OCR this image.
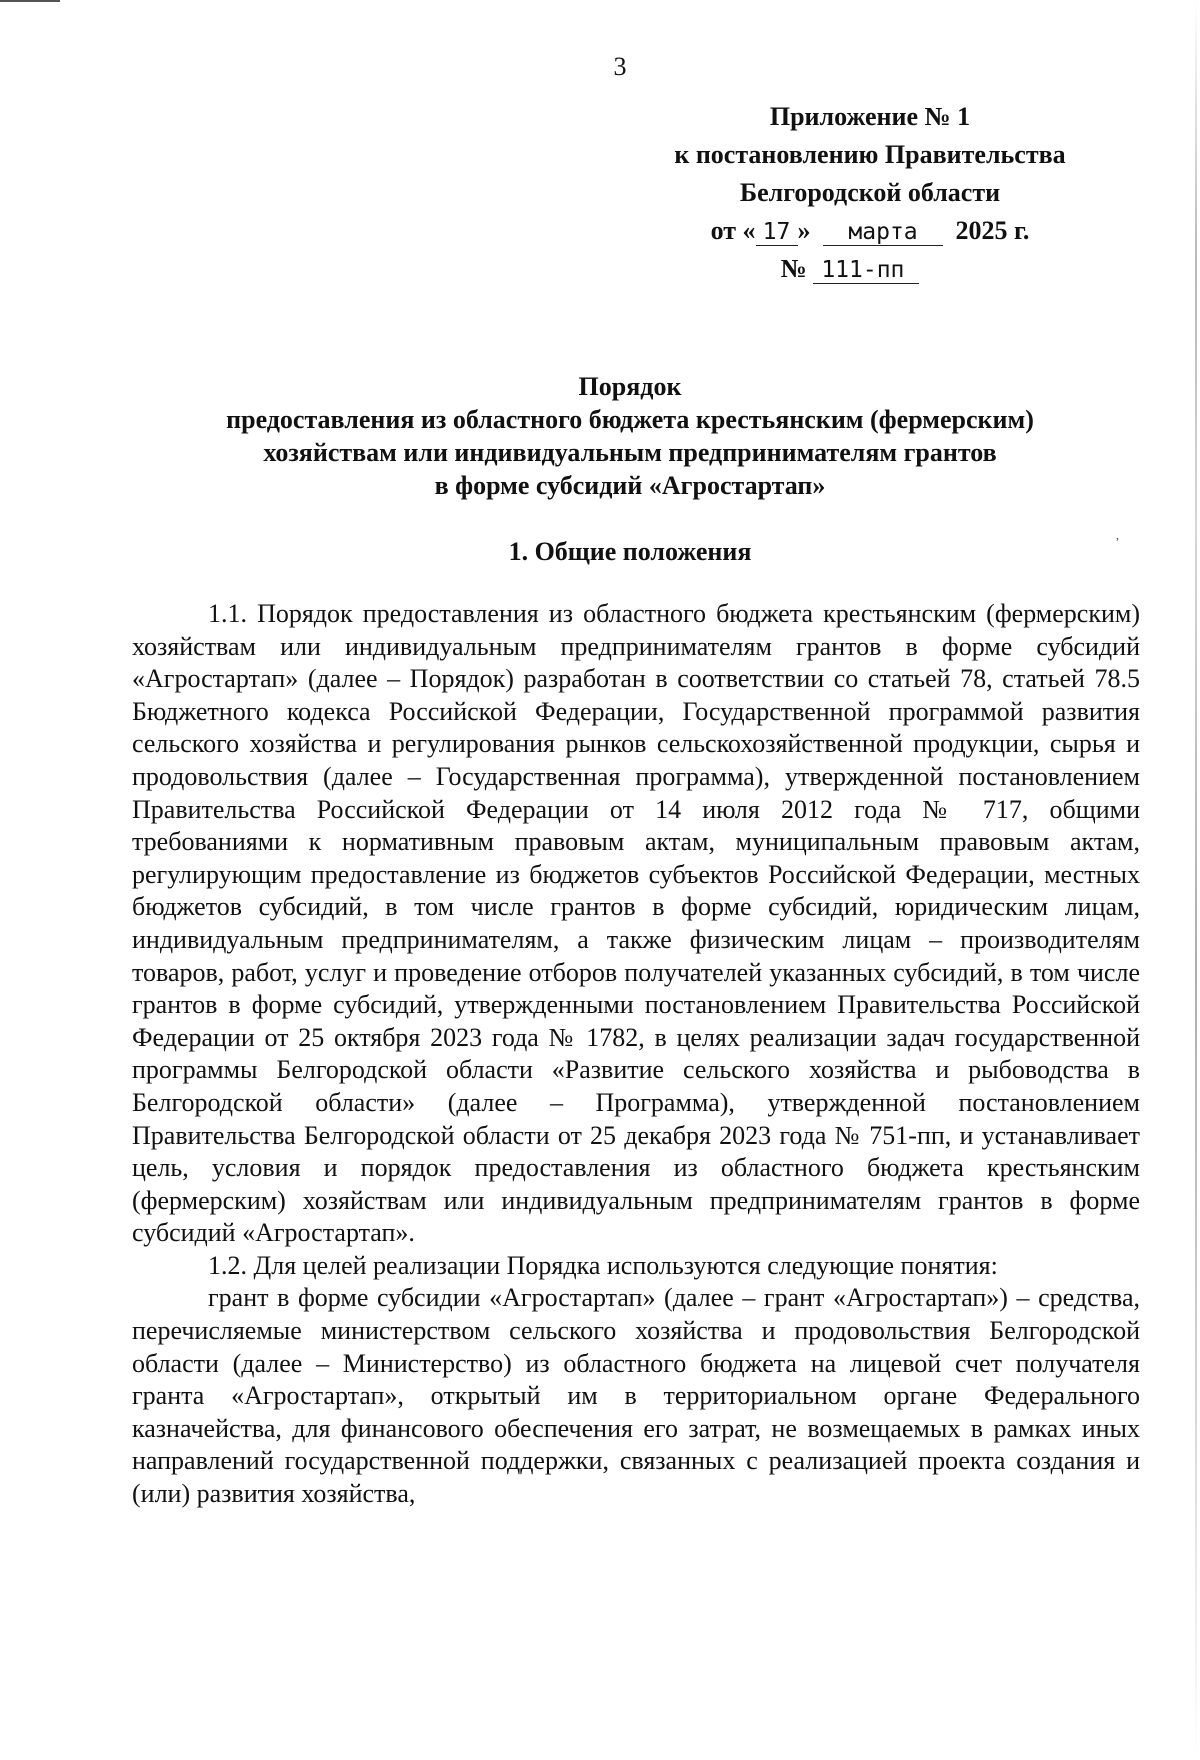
3
Приложение № 1
к постановлению Правительства
Белгородской области
от « 17 » марта 2025 г.
№ 111-пп
Порядок
предоставления из областного бюджета крестьянским (фермерским)
хозяйствам или индивидуальным предпринимателям грантов
в форме субсидий «Агростартап»
,
1. Общие положения

1.1. Порядок предоставления из областного бюджета крестьянским (фермерским) хозяйствам или индивидуальным предпринимателям грантов в форме субсидий «Агростартап» (далее – Порядок) разработан в соответствии со статьей 78, статьей 78.5 Бюджетного кодекса Российской Федерации, Государственной программой развития сельского хозяйства и регулирования рынков сельскохозяйственной продукции, сырья и продовольствия (далее – Государственная программа), утвержденной постановлением Правительства Российской Федерации от 14 июля 2012 года № 717, общими требованиями к нормативным правовым актам, муниципальным правовым актам, регулирующим предоставление из бюджетов субъектов Российской Федерации, местных бюджетов субсидий, в том числе грантов в форме субсидий, юридическим лицам, индивидуальным предпринимателям, а также физическим лицам – производителям товаров, работ, услуг и проведение отборов получателей указанных субсидий, в том числе грантов в форме субсидий, утвержденными постановлением Правительства Российской Федерации от 25 октября 2023 года № 1782, в целях реализации задач государственной программы Белгородской области «Развитие сельского хозяйства и рыбоводства в Белгородской области» (далее – Программа), утвержденной постановлением Правительства Белгородской области от 25 декабря 2023 года № 751-пп, и устанавливает цель, условия и порядок предоставления из областного бюджета крестьянским (фермерским) хозяйствам или индивидуальным предпринимателям грантов в форме субсидий «Агростартап».

1.2. Для целей реализации Порядка используются следующие понятия:

грант в форме субсидии «Агростартап» (далее – грант «Агростартап») – средства, перечисляемые министерством сельского хозяйства и продовольствия Белгородской области (далее – Министерство) из областного бюджета на лицевой счет получателя гранта «Агростартап», открытый им в территориальном органе Федерального казначейства, для финансового обеспечения его затрат, не возмещаемых в рамках иных направлений государственной поддержки, связанных с реализацией проекта создания и (или) развития хозяйства,
